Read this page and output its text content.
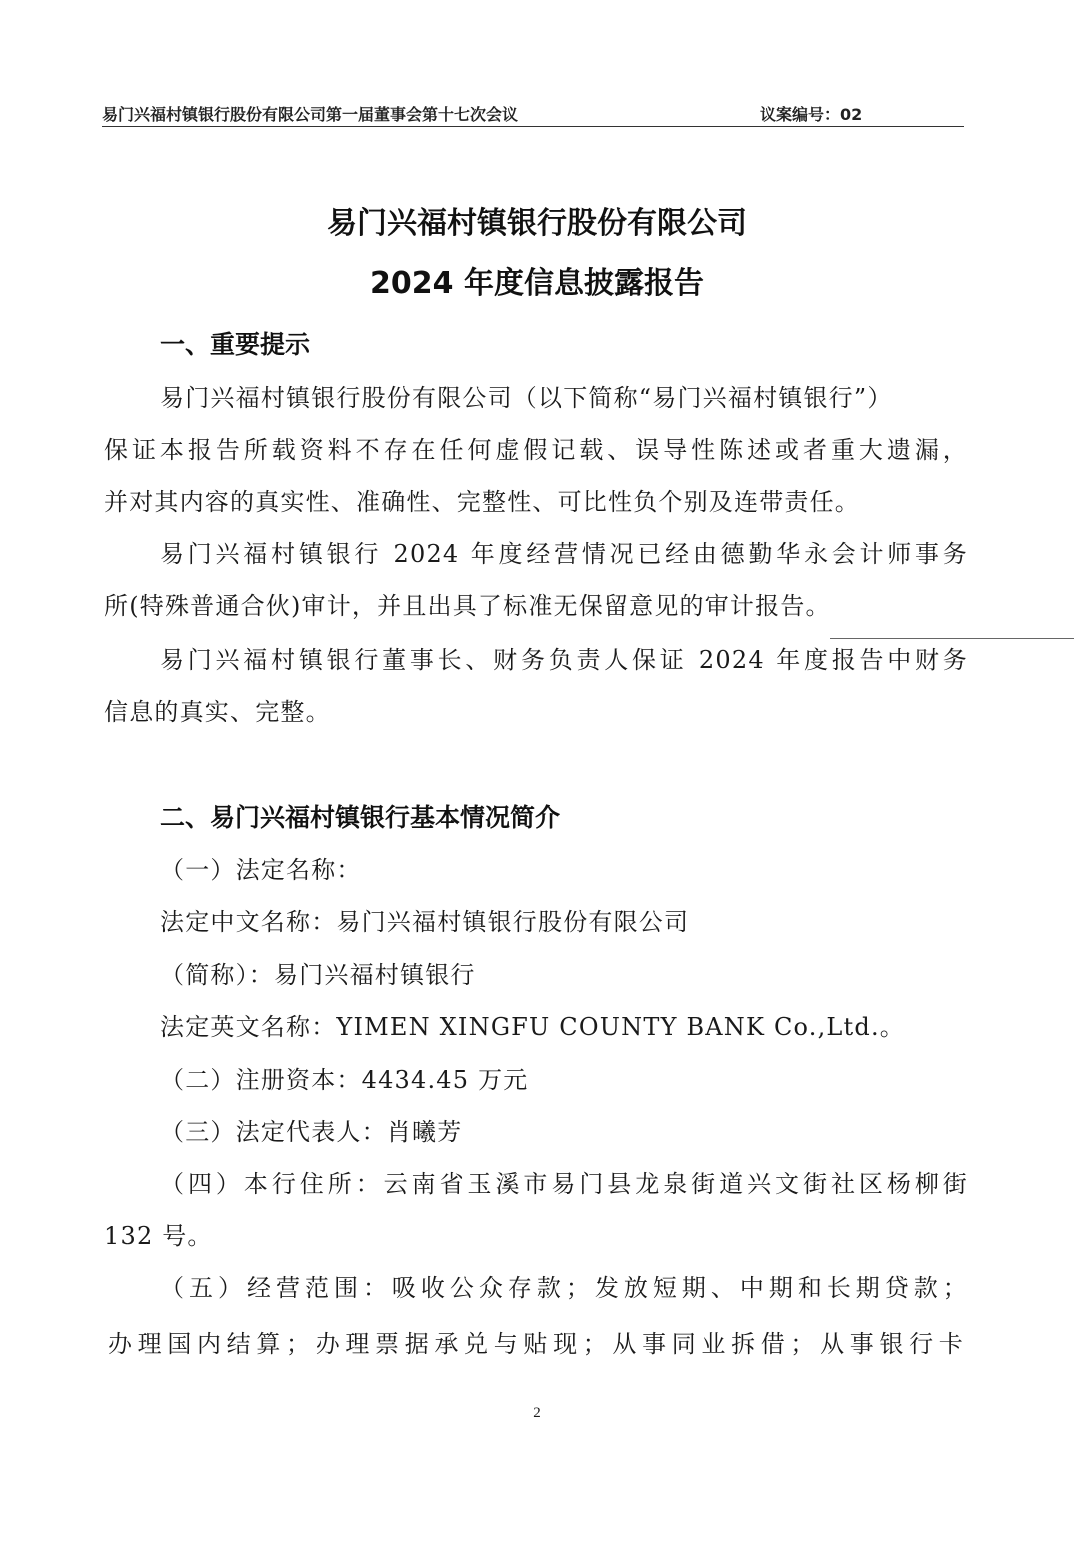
易门兴福村镇银行股份有限公司第一届董事会第十七次会议	议案编号：02
易门兴福村镇银行股份有限公司
2024 年度信息披露报告
一、重要提示
易门兴福村镇银行股份有限公司（以下简称“易门兴福村镇银行”）
保证本报告所载资料不存在任何虚假记载、误导性陈述或者重大遗漏，
并对其内容的真实性、准确性、完整性、可比性负个别及连带责任。
易门兴福村镇银行 2024 年度经营情况已经由德勤华永会计师事务
所(特殊普通合伙)审计，并且出具了标准无保留意见的审计报告。
易门兴福村镇银行董事长、财务负责人保证 2024 年度报告中财务
信息的真实、完整。
二、易门兴福村镇银行基本情况简介
（一）法定名称：
法定中文名称：易门兴福村镇银行股份有限公司
（简称）：易门兴福村镇银行
法定英文名称：YIMEN XINGFU COUNTY BANK Co.,Ltd.。
（二）注册资本：4434.45 万元
（三）法定代表人：肖曦芳
（四）本行住所：云南省玉溪市易门县龙泉街道兴文街社区杨柳街
132 号。
（五）经营范围：吸收公众存款；发放短期、中期和长期贷款；
办理国内结算；办理票据承兑与贴现；从事同业拆借；从事银行卡
2
